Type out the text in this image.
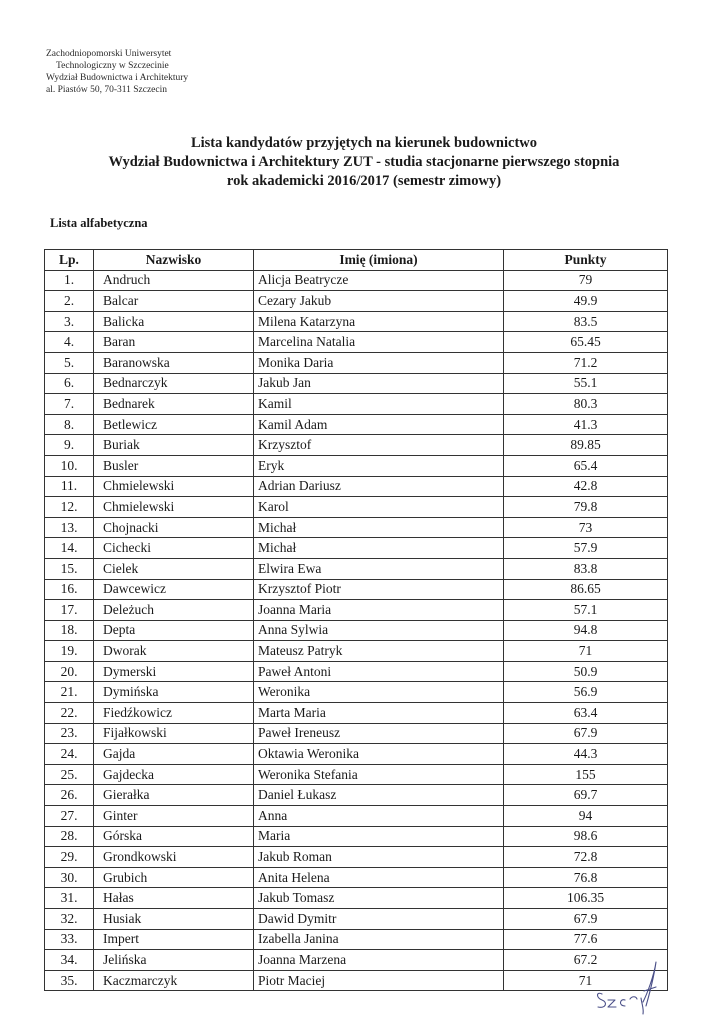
Zachodniopomorski Uniwersytet
Technologiczny w Szczecinie
Wydział Budownictwa i Architektury
al. Piastów 50, 70-311 Szczecin
Lista kandydatów przyjętych na kierunek budownictwo
Wydział Budownictwa i Architektury ZUT - studia stacjonarne pierwszego stopnia
rok akademicki 2016/2017 (semestr zimowy)
Lista alfabetyczna
Lp.	Nazwisko	Imię (imiona)	Punkty
1.	Andruch	Alicja Beatrycze	79
2.	Balcar	Cezary Jakub	49.9
3.	Balicka	Milena Katarzyna	83.5
4.	Baran	Marcelina Natalia	65.45
5.	Baranowska	Monika Daria	71.2
6.	Bednarczyk	Jakub Jan	55.1
7.	Bednarek	Kamil	80.3
8.	Betlewicz	Kamil Adam	41.3
9.	Buriak	Krzysztof	89.85
10.	Busler	Eryk	65.4
11.	Chmielewski	Adrian Dariusz	42.8
12.	Chmielewski	Karol	79.8
13.	Chojnacki	Michał	73
14.	Cichecki	Michał	57.9
15.	Cielek	Elwira Ewa	83.8
16.	Dawcewicz	Krzysztof Piotr	86.65
17.	Deleżuch	Joanna Maria	57.1
18.	Depta	Anna Sylwia	94.8
19.	Dworak	Mateusz Patryk	71
20.	Dymerski	Paweł Antoni	50.9
21.	Dymińska	Weronika	56.9
22.	Fiedźkowicz	Marta Maria	63.4
23.	Fijałkowski	Paweł Ireneusz	67.9
24.	Gajda	Oktawia Weronika	44.3
25.	Gajdecka	Weronika Stefania	155
26.	Gierałka	Daniel Łukasz	69.7
27.	Ginter	Anna	94
28.	Górska	Maria	98.6
29.	Grondkowski	Jakub Roman	72.8
30.	Grubich	Anita Helena	76.8
31.	Hałas	Jakub Tomasz	106.35
32.	Husiak	Dawid Dymitr	67.9
33.	Impert	Izabella Janina	77.6
34.	Jelińska	Joanna Marzena	67.2
35.	Kaczmarczyk	Piotr Maciej	71
